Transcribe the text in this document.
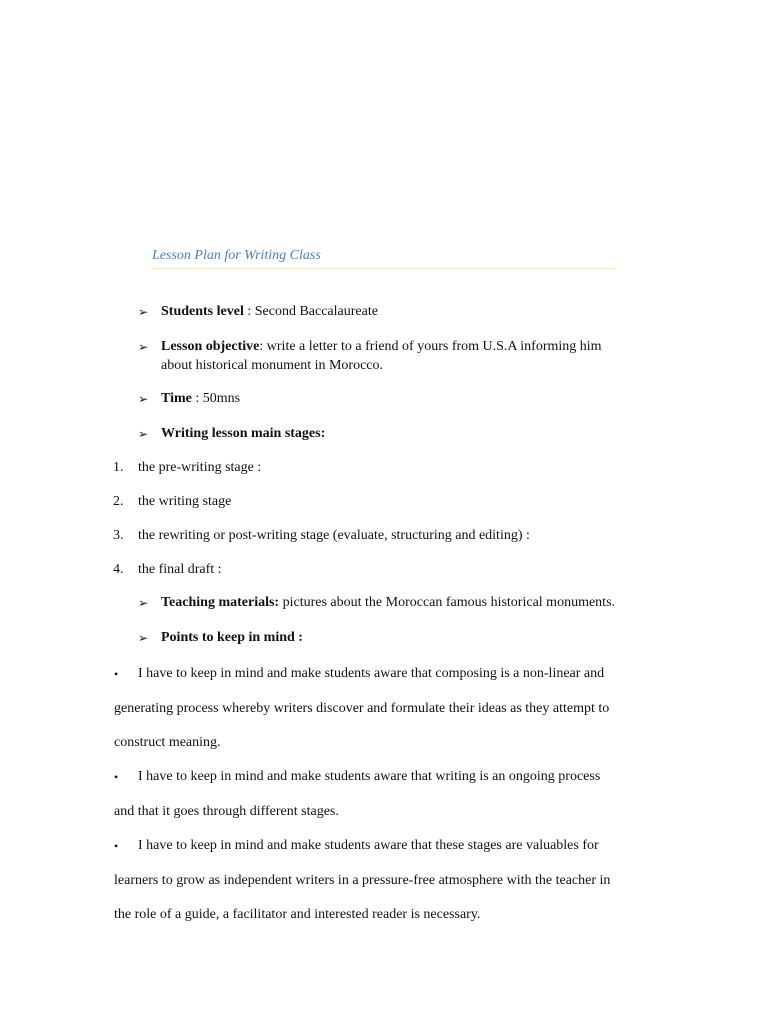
Lesson Plan for Writing Class
➢ Students level : Second Baccalaureate
➢ Lesson objective: write a letter to a friend of yours from U.S.A informing him
about historical monument in Morocco.
➢ Time : 50mns
➢ Writing lesson main stages:
1. the pre-writing stage :
2. the writing stage
3. the rewriting or post-writing stage (evaluate, structuring and editing) :
4. the final draft :
➢ Teaching materials: pictures about the Moroccan famous historical monuments.
➢ Points to keep in mind :
• I have to keep in mind and make students aware that composing is a non-linear and
generating process whereby writers discover and formulate their ideas as they attempt to
construct meaning.
• I have to keep in mind and make students aware that writing is an ongoing process
and that it goes through different stages.
• I have to keep in mind and make students aware that these stages are valuables for
learners to grow as independent writers in a pressure-free atmosphere with the teacher in
the role of a guide, a facilitator and interested reader is necessary.
